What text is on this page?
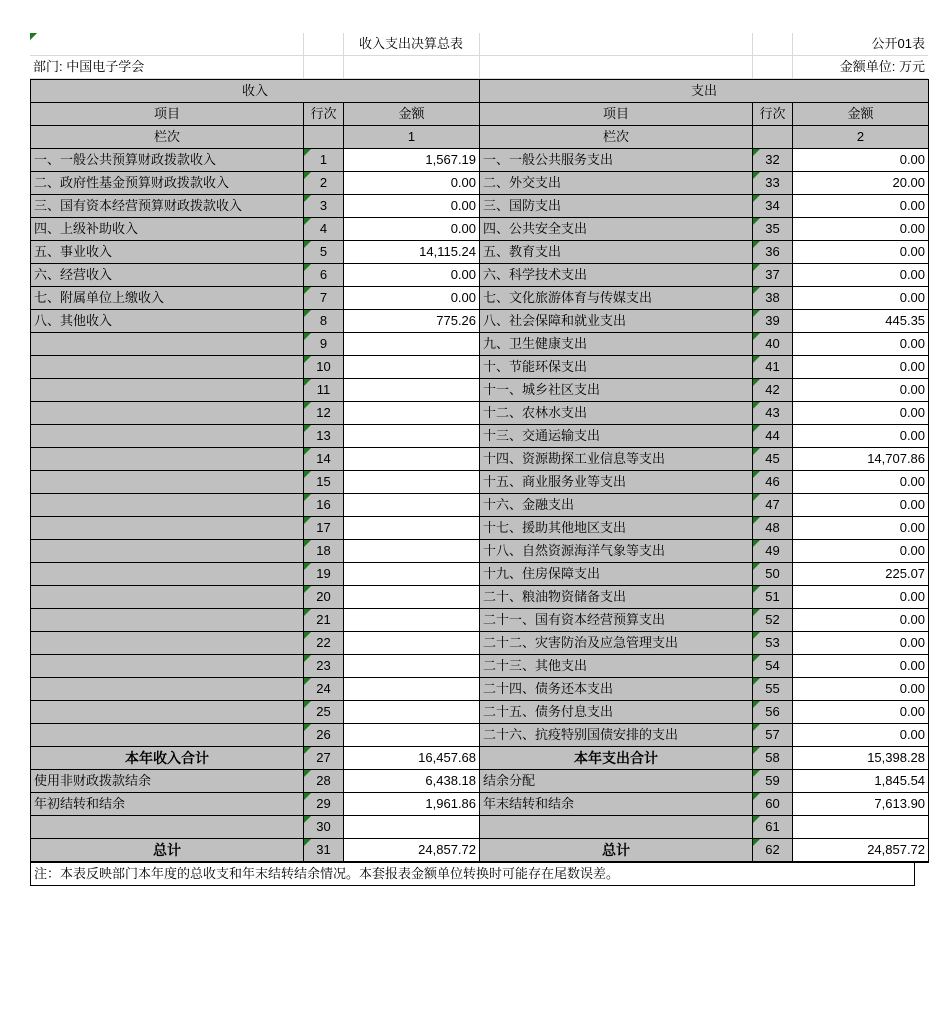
		收入支出决算总表			公开01表
部门: 中国电子学会					金额单位: 万元
收入			支出		
项目	行次	金额	项目	行次	金额
栏次		1	栏次		2
一、一般公共预算财政拨款收入	1	1,567.19	一、一般公共服务支出	32	0.00
二、政府性基金预算财政拨款收入	2	0.00	二、外交支出	33	20.00
三、国有资本经营预算财政拨款收入	3	0.00	三、国防支出	34	0.00
四、上级补助收入	4	0.00	四、公共安全支出	35	0.00
五、事业收入	5	14,115.24	五、教育支出	36	0.00
六、经营收入	6	0.00	六、科学技术支出	37	0.00
七、附属单位上缴收入	7	0.00	七、文化旅游体育与传媒支出	38	0.00
八、其他收入	8	775.26	八、社会保障和就业支出	39	445.35
	9		九、卫生健康支出	40	0.00
	10		十、节能环保支出	41	0.00
	11		十一、城乡社区支出	42	0.00
	12		十二、农林水支出	43	0.00
	13		十三、交通运输支出	44	0.00
	14		十四、资源勘探工业信息等支出	45	14,707.86
	15		十五、商业服务业等支出	46	0.00
	16		十六、金融支出	47	0.00
	17		十七、援助其他地区支出	48	0.00
	18		十八、自然资源海洋气象等支出	49	0.00
	19		十九、住房保障支出	50	225.07
	20		二十、粮油物资储备支出	51	0.00
	21		二十一、国有资本经营预算支出	52	0.00
	22		二十二、灾害防治及应急管理支出	53	0.00
	23		二十三、其他支出	54	0.00
	24		二十四、债务还本支出	55	0.00
	25		二十五、债务付息支出	56	0.00
	26		二十六、抗疫特别国债安排的支出	57	0.00
本年收入合计	27	16,457.68	本年支出合计	58	15,398.28
使用非财政拨款结余	28	6,438.18	结余分配	59	1,845.54
年初结转和结余	29	1,961.86	年末结转和结余	60	7,613.90
	30			61	
总计	31	24,857.72	总计	62	24,857.72
注：本表反映部门本年度的总收支和年末结转结余情况。本套报表金额单位转换时可能存在尾数误差。
